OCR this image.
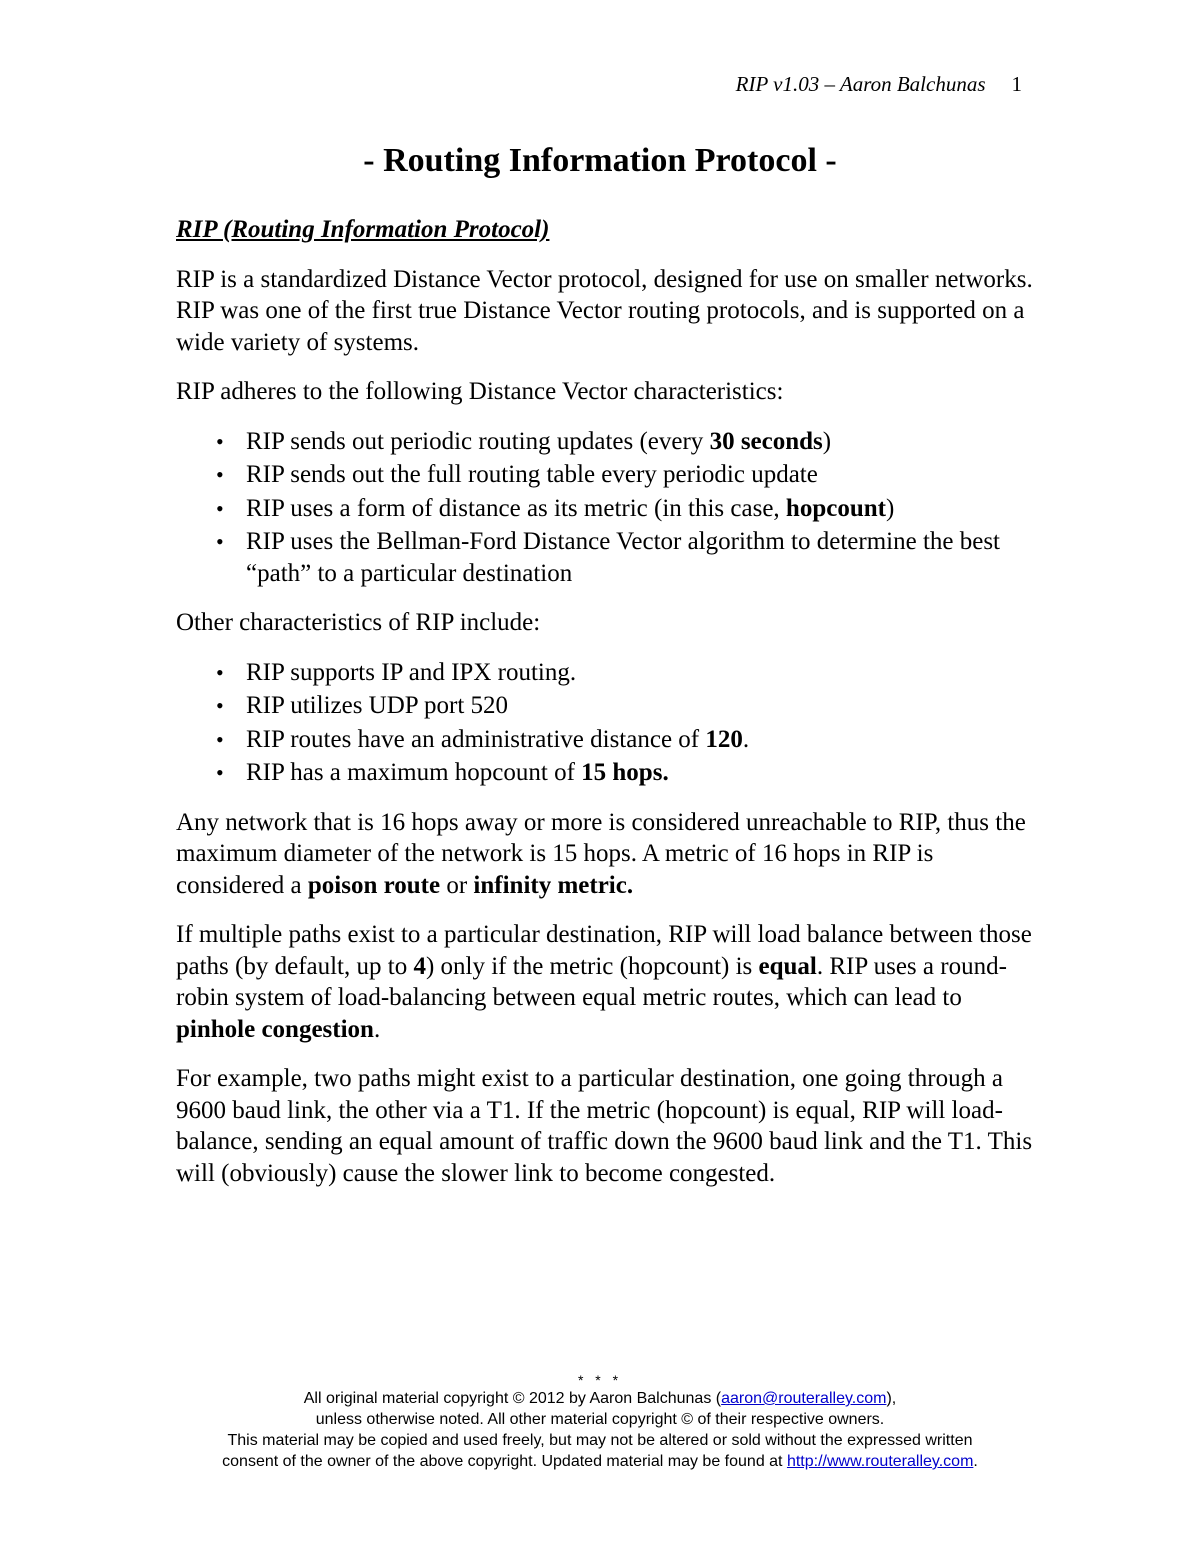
RIP v1.03 – Aaron Balchunas 1
- Routing Information Protocol -
RIP (Routing Information Protocol)

RIP is a standardized Distance Vector protocol, designed for use on smaller networks. RIP was one of the first true Distance Vector routing protocols, and is supported on a wide variety of systems.

RIP adheres to the following Distance Vector characteristics:

• RIP sends out periodic routing updates (every 30 seconds)
• RIP sends out the full routing table every periodic update
• RIP uses a form of distance as its metric (in this case, hopcount)
• RIP uses the Bellman-Ford Distance Vector algorithm to determine the best “path” to a particular destination

Other characteristics of RIP include:

• RIP supports IP and IPX routing.
• RIP utilizes UDP port 520
• RIP routes have an administrative distance of 120.
• RIP has a maximum hopcount of 15 hops.

Any network that is 16 hops away or more is considered unreachable to RIP, thus the maximum diameter of the network is 15 hops. A metric of 16 hops in RIP is considered a poison route or infinity metric.

If multiple paths exist to a particular destination, RIP will load balance between those paths (by default, up to 4) only if the metric (hopcount) is equal. RIP uses a round-robin system of load-balancing between equal metric routes, which can lead to pinhole congestion.

For example, two paths might exist to a particular destination, one going through a 9600 baud link, the other via a T1. If the metric (hopcount) is equal, RIP will load-balance, sending an equal amount of traffic down the 9600 baud link and the T1. This will (obviously) cause the slower link to become congested.

* * *
All original material copyright © 2012 by Aaron Balchunas (aaron@routeralley.com),
unless otherwise noted. All other material copyright © of their respective owners.
This material may be copied and used freely, but may not be altered or sold without the expressed written
consent of the owner of the above copyright. Updated material may be found at http://www.routeralley.com.
